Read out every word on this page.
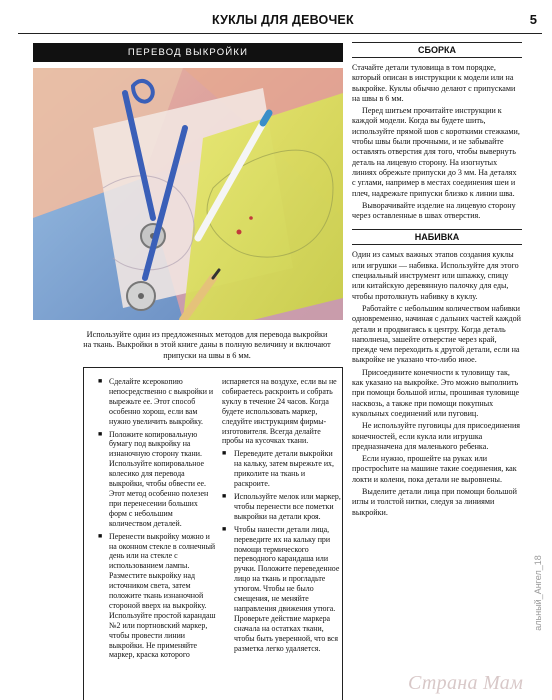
КУКЛЫ ДЛЯ ДЕВОЧЕК	5
ПЕРЕВОД ВЫКРОЙКИ
Используйте один из предложенных методов для перевода выкройки на ткань. Выкройки в этой книге даны в полную величину и включают припуски на швы в 6 мм.
■ Сделайте ксерокопию непосредственно с выкройки и вырежьте ее. Этот способ особенно хорош, если вам нужно увеличить выкройку.
■ Положите копировальную бумагу под выкройку на изнаночную сторону ткани. Используйте копировальное колесико для перевода выкройки, чтобы обвести ее. Этот метод особенно полезен при перенесении больших форм с небольшим количеством деталей.
■ Перенести выкройку можно и на оконном стекле в солнечный день или на стекле с использованием лампы. Разместите выкройку над источником света, затем положите ткань изнаночной стороной вверх на выкройку. Используйте простой карандаш №2 или портновский маркер, чтобы провести линии выкройки. Не применяйте маркер, краска которого

испаряется на воздухе, если вы не собираетесь раскроить и собрать куклу в течение 24 часов. Когда будете использовать маркер, следуйте инструкциям фирмы-изготовителя. Всегда делайте пробы на кусочках ткани.

■ Переведите детали выкройки на кальку, затем вырежьте их, приколите на ткань и раскроите.
■ Используйте мелок или маркер, чтобы перенести все пометки выкройки на детали кроя.
■ Чтобы нанести детали лица, переведите их на кальку при помощи термического переводного карандаша или ручки. Положите переведенное лицо на ткань и прогладьте утюгом. Чтобы не было смещения, не меняйте направления движения утюга. Проверьте действие маркера сначала на остатках ткани, чтобы быть уверенной, что вся разметка легко удаляется.
СБОРКА

Стачайте детали туловища в том порядке, который описан в инструкции к модели или на выкройке. Куклы обычно делают с припусками на швы в 6 мм.

Перед шитьем прочитайте инструкции к каждой модели. Когда вы будете шить, используйте прямой шов с короткими стежками, чтобы швы были прочными, и не забывайте оставлять отверстия для того, чтобы вывернуть деталь на лицевую сторону. На изогнутых линиях обрежьте припуски до 3 мм. На деталях с углами, например в местах соединения шеи и плеч, надрежьте припуски близко к линии шва.

Выворачивайте изделие на лицевую сторону через оставленные в швах отверстия.

НАБИВКА

Один из самых важных этапов создания куклы или игрушки — набивка. Используйте для этого специальный инструмент или шпажку, спицу или китайскую деревянную палочку для еды, чтобы протолкнуть набивку в куклу.

Работайте с небольшим количеством набивки одновременно, начиная с дальних частей каждой детали и продвигаясь к центру. Когда деталь наполнена, зашейте отверстие через край, прежде чем переходить к другой детали, если на выкройке не указано что-либо иное.

Присоедините конечности к туловищу так, как указано на выкройке. Это можно выполнить при помощи большой иглы, прошивая туловище насквозь, а также при помощи покупных кукольных соединений или пуговиц.

Не используйте пуговицы для присоединения конечностей, если кукла или игрушка предназначена для маленького ребенка.

Если нужно, прошейте на руках или простроchите на машине такие соединения, как локти и колени, пока детали не выровнены.

Выделите детали лица при помощи большой иглы и толстой нитки, следуя за линиями выкройки.

альный_Ангел_18
Страна Мам
